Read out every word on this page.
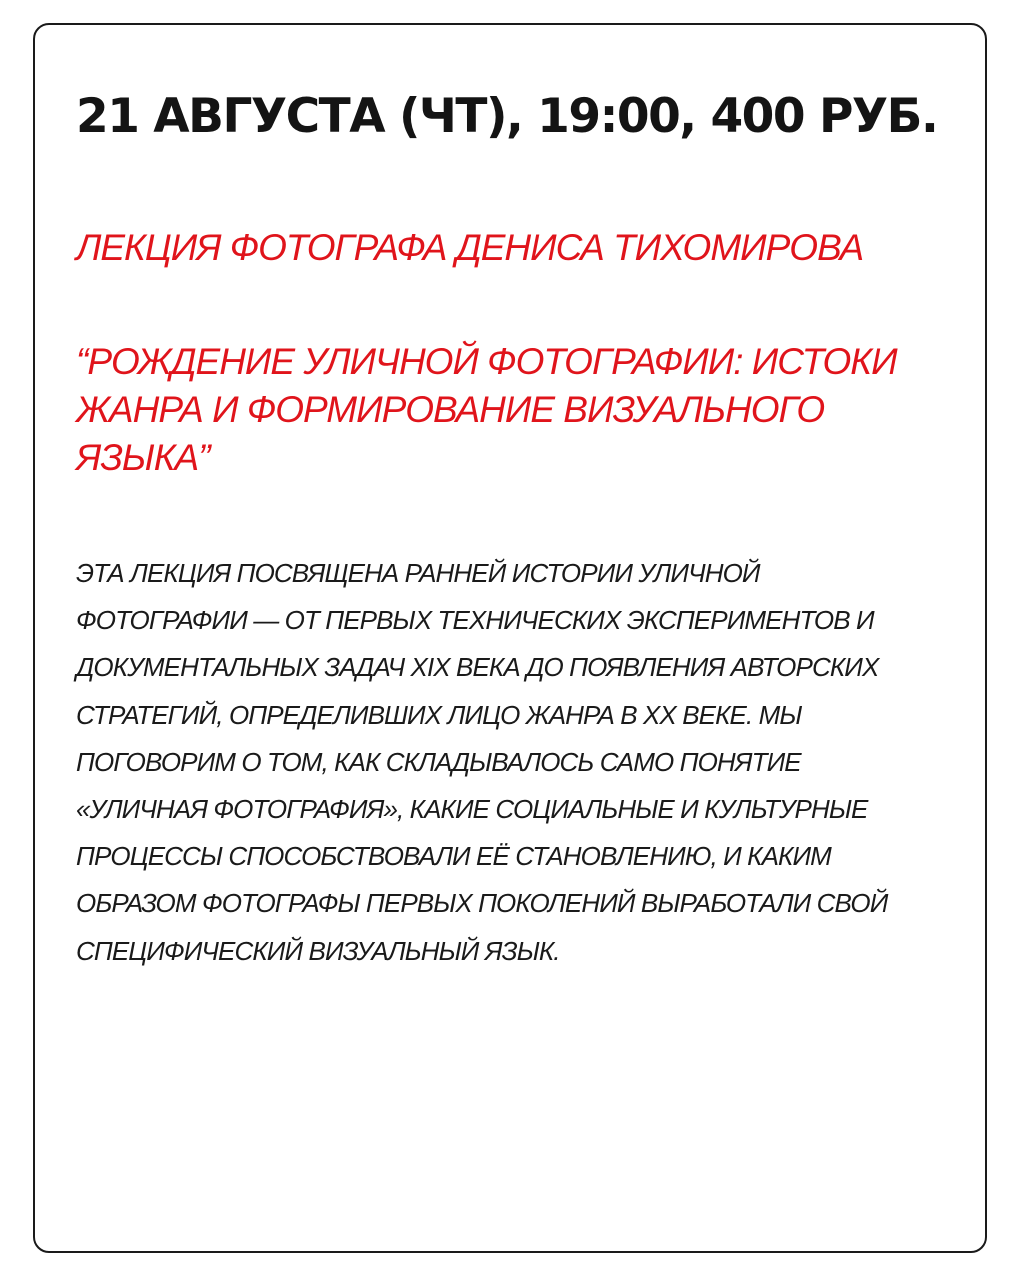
21 АВГУСТА (ЧТ), 19:00, 400 РУБ.
ЛЕКЦИЯ ФОТОГРАФА ДЕНИСА ТИХОМИРОВА
“РОЖДЕНИЕ УЛИЧНОЙ ФОТОГРАФИИ: ИСТОКИ ЖАНРА И ФОРМИРОВАНИЕ ВИЗУАЛЬНОГО ЯЗЫКА”

ЭТА ЛЕКЦИЯ ПОСВЯЩЕНА РАННЕЙ ИСТОРИИ УЛИЧНОЙ
ФОТОГРАФИИ — ОТ ПЕРВЫХ ТЕХНИЧЕСКИХ ЭКСПЕРИМЕНТОВ И
ДОКУМЕНТАЛЬНЫХ ЗАДАЧ XIX ВЕКА ДО ПОЯВЛЕНИЯ АВТОРСКИХ
СТРАТЕГИЙ, ОПРЕДЕЛИВШИХ ЛИЦО ЖАНРА В XX ВЕКЕ. МЫ
ПОГОВОРИМ О ТОМ, КАК СКЛАДЫВАЛОСЬ САМО ПОНЯТИЕ
«УЛИЧНАЯ ФОТОГРАФИЯ», КАКИЕ СОЦИАЛЬНЫЕ И КУЛЬТУРНЫЕ
ПРОЦЕССЫ СПОСОБСТВОВАЛИ ЕЁ СТАНОВЛЕНИЮ, И КАКИМ
ОБРАЗОМ ФОТОГРАФЫ ПЕРВЫХ ПОКОЛЕНИЙ ВЫРАБОТАЛИ СВОЙ
СПЕЦИФИЧЕСКИЙ ВИЗУАЛЬНЫЙ ЯЗЫК.
